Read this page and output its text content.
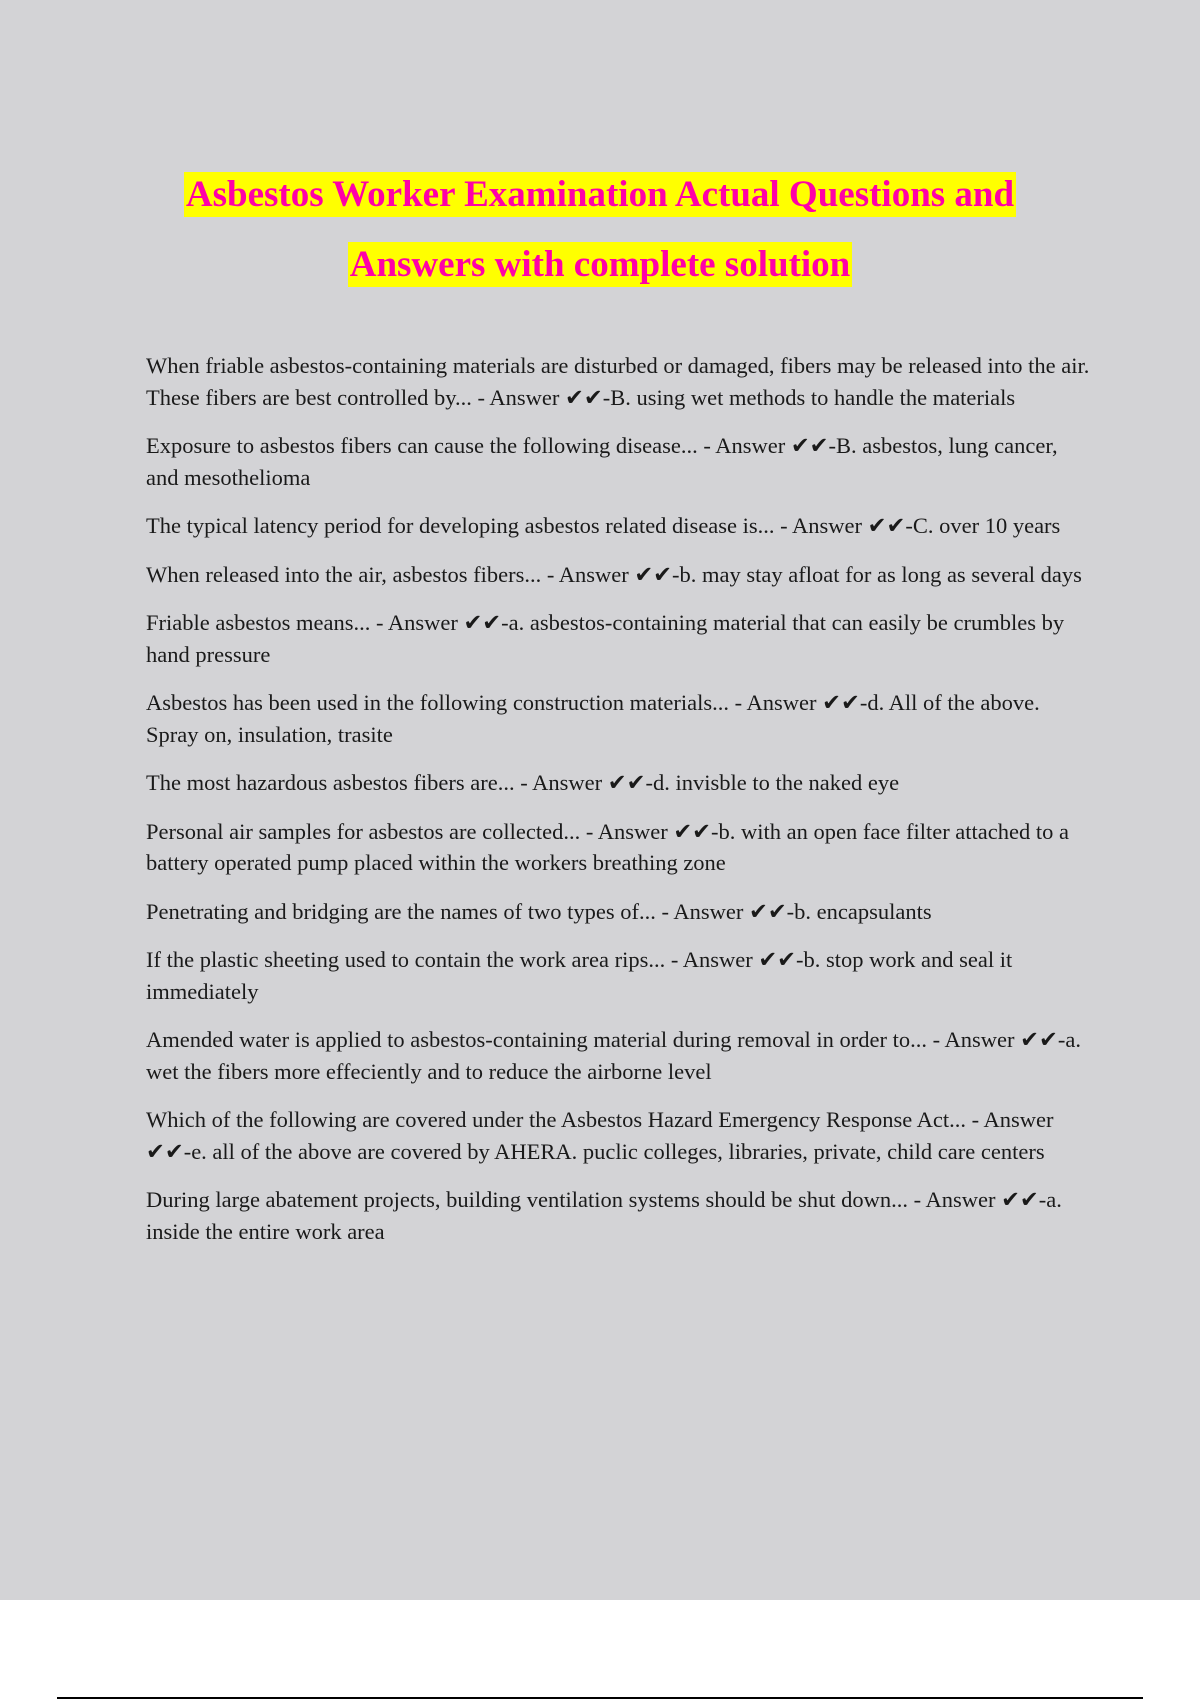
Asbestos Worker Examination Actual Questions and
Answers with complete solution
When friable asbestos-containing materials are disturbed or damaged, fibers may be released into the air. These fibers are best controlled by... - Answer ✔✔-B. using wet methods to handle the materials
Exposure to asbestos fibers can cause the following disease... - Answer ✔✔-B. asbestos, lung cancer, and mesothelioma
The typical latency period for developing asbestos related disease is... - Answer ✔✔-C. over 10 years
When released into the air, asbestos fibers... - Answer ✔✔-b. may stay afloat for as long as several days
Friable asbestos means... - Answer ✔✔-a. asbestos-containing material that can easily be crumbles by hand pressure
Asbestos has been used in the following construction materials... - Answer ✔✔-d. All of the above. Spray on, insulation, trasite
The most hazardous asbestos fibers are... - Answer ✔✔-d. invisble to the naked eye
Personal air samples for asbestos are collected... - Answer ✔✔-b. with an open face filter attached to a battery operated pump placed within the workers breathing zone
Penetrating and bridging are the names of two types of... - Answer ✔✔-b. encapsulants
If the plastic sheeting used to contain the work area rips... - Answer ✔✔-b. stop work and seal it immediately
Amended water is applied to asbestos-containing material during removal in order to... - Answer ✔✔-a. wet the fibers more effeciently and to reduce the airborne level
Which of the following are covered under the Asbestos Hazard Emergency Response Act... - Answer ✔✔-e. all of the above are covered by AHERA. puclic colleges, libraries, private, child care centers
During large abatement projects, building ventilation systems should be shut down... - Answer ✔✔-a. inside the entire work area
